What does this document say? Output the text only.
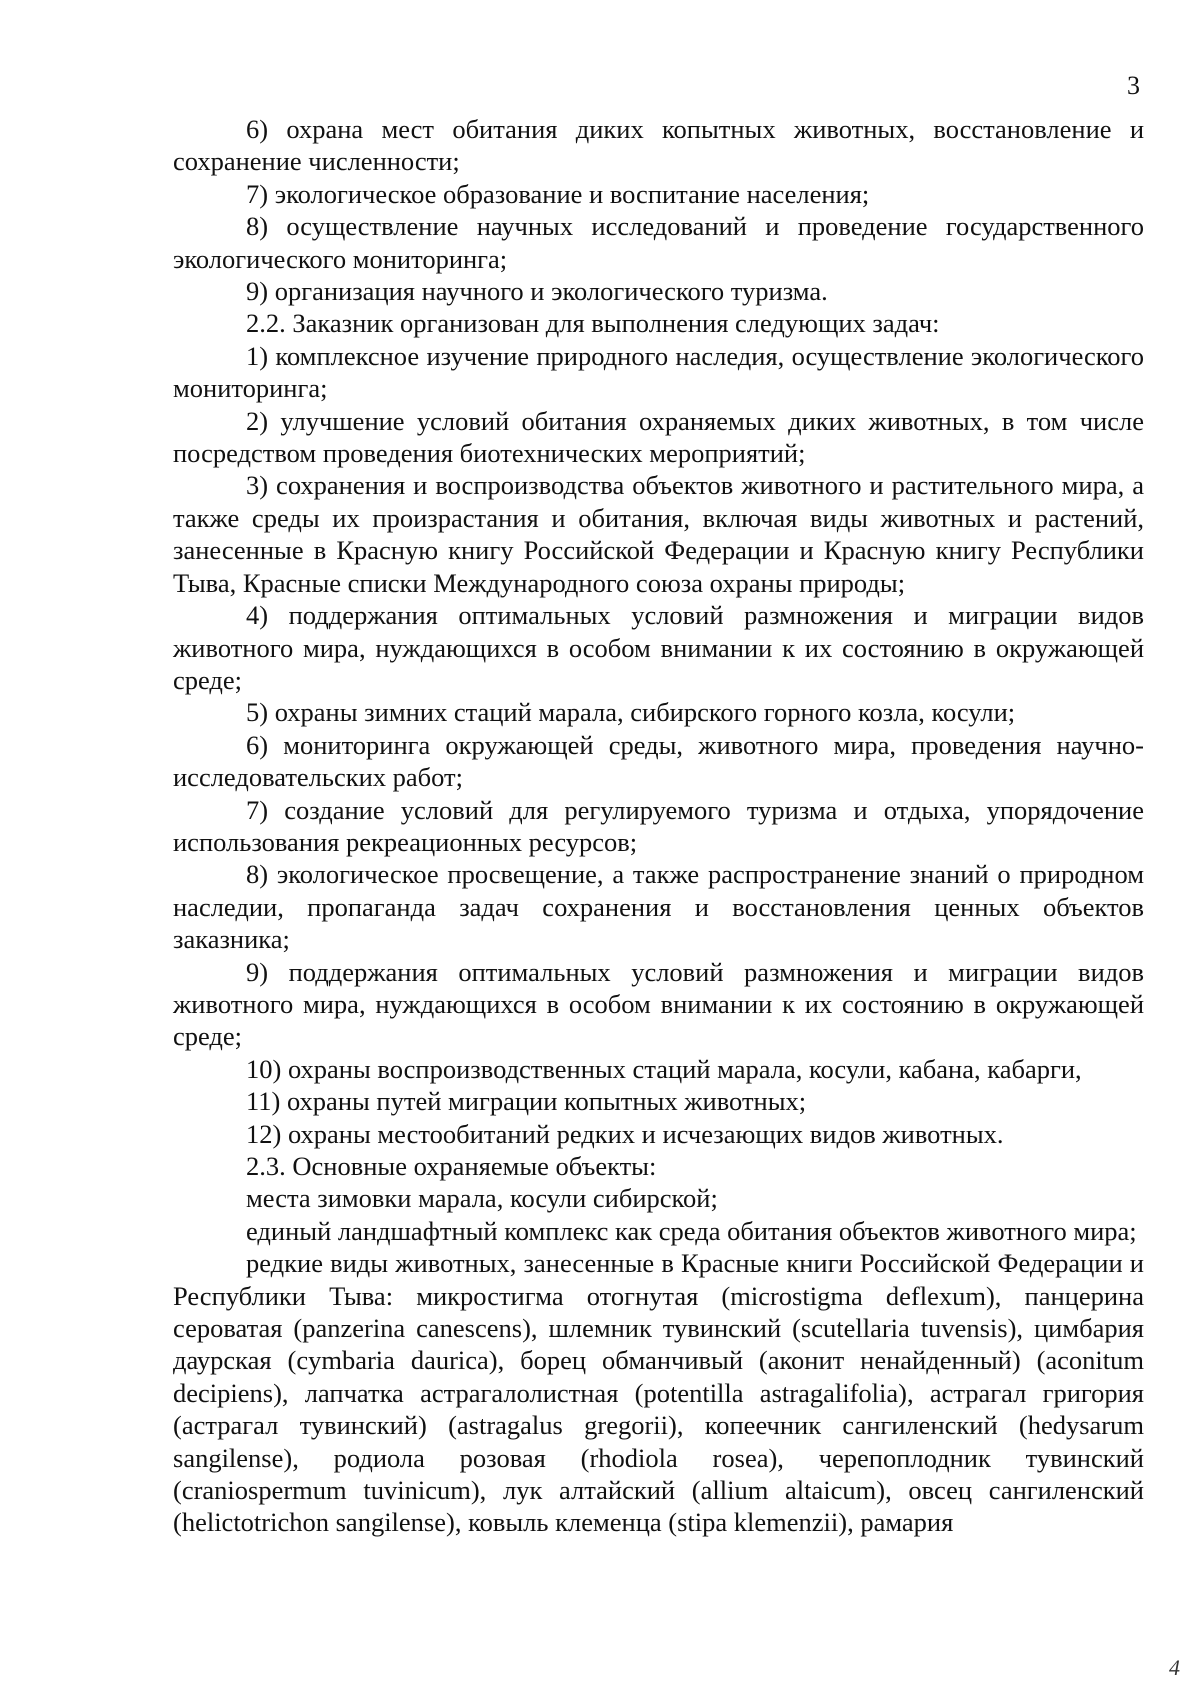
3

6) охрана мест обитания диких копытных животных, восстановление и сохранение численности;

7) экологическое образование и воспитание населения;

8) осуществление научных исследований и проведение государственного экологического мониторинга;

9) организация научного и экологического туризма.

2.2. Заказник организован для выполнения следующих задач:

1) комплексное изучение природного наследия, осуществление экологического мониторинга;

2) улучшение условий обитания охраняемых диких животных, в том числе посредством проведения биотехнических мероприятий;

3) сохранения и воспроизводства объектов животного и растительного мира, а также среды их произрастания и обитания, включая виды животных и растений, занесенные в Красную книгу Российской Федерации и Красную книгу Республики Тыва, Красные списки Международного союза охраны природы;

4) поддержания оптимальных условий размножения и миграции видов животного мира, нуждающихся в особом внимании к их состоянию в окружающей среде;

5) охраны зимних стаций марала, сибирского горного козла, косули;

6) мониторинга окружающей среды, животного мира, проведения научно-исследовательских работ;

7) создание условий для регулируемого туризма и отдыха, упорядочение использования рекреационных ресурсов;

8) экологическое просвещение, а также распространение знаний о природном наследии, пропаганда задач сохранения и восстановления ценных объектов заказника;

9) поддержания оптимальных условий размножения и миграции видов животного мира, нуждающихся в особом внимании к их состоянию в окружающей среде;

10) охраны воспроизводственных стаций марала, косули, кабана, кабарги,

11) охраны путей миграции копытных животных;

12) охраны местообитаний редких и исчезающих видов животных.

2.3. Основные охраняемые объекты:

места зимовки марала, косули сибирской;

единый ландшафтный комплекс как среда обитания объектов животного мира;

редкие виды животных, занесенные в Красные книги Российской Федерации и Республики Тыва: микростигма отогнутая (microstigma deflexum), панцерина сероватая (panzerina canescens), шлемник тувинский (scutellaria tuvensis), цимбария даурская (cymbaria daurica), борец обманчивый (аконит ненайденный) (aconitum decipiens), лапчатка астрагалолистная (potentilla astragalifolia), астрагал григория (астрагал тувинский) (astragalus gregorii), копеечник сангиленский (hedysarum sangilense), родиола розовая (rhodiola rosea), черепоплодник тувинский (craniospermum tuvinicum), лук алтайский (allium altaicum), овсец сангиленский (helictotrichon sangilense), ковыль клеменца (stipa klemenzii), рамария

4
